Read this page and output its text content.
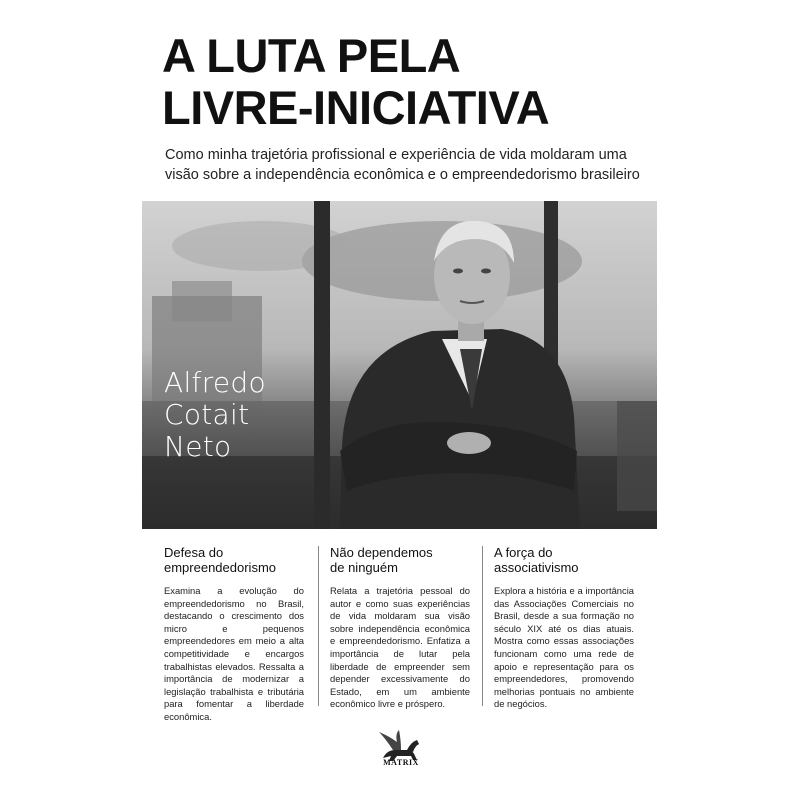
A LUTA PELA
LIVRE-INICIATIVA
Como minha trajetória profissional e experiência de vida moldaram uma
visão sobre a independência econômica e o empreendedorismo brasileiro
Alfredo
Cotait
Neto
Defesa do
empreendedorismo

Examina a evolução do empreendedorismo no Brasil, destacando o crescimento dos micro e pequenos empreendedores em meio a alta competitividade e encargos trabalhistas elevados. Ressalta a importância de modernizar a legislação trabalhista e tributária para fomentar a liberdade econômica.

Não dependemos
de ninguém

Relata a trajetória pessoal do autor e como suas experiências de vida moldaram sua visão sobre independência econômica e empreendedorismo. Enfatiza a importância de lutar pela liberdade de empreender sem depender excessivamente do Estado, em um ambiente econômico livre e próspero.

A força do
associativismo

Explora a história e a importância das Associações Comerciais no Brasil, desde a sua formação no século XIX até os dias atuais. Mostra como essas associações funcionam como uma rede de apoio e representação para os empreendedores, promovendo melhorias pontuais no ambiente de negócios.

MATRIX
